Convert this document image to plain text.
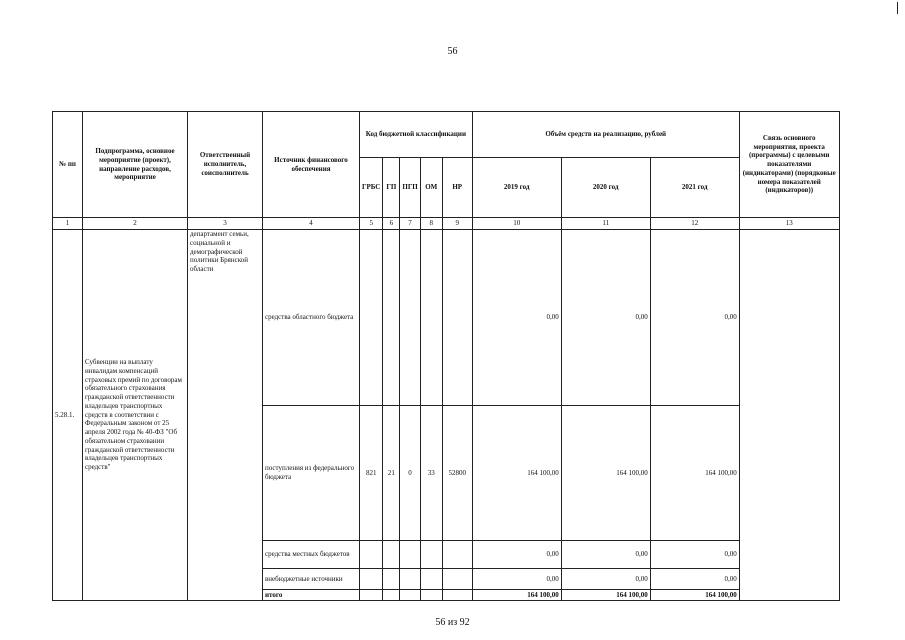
56
№ пп	Подпрограмма, основное мероприятие (проект), направление расходов, мероприятие	Ответственный исполнитель, соисполнитель	Источник финансового обеспечения	Код бюджетной классификации					Объём средств на реализацию, рублей			Связь основного мероприятия, проекта (программы) с целевыми показателями (индикаторами) (порядковые номера показателей (индикаторов))
				ГРБС	ГП	ПГП	ОМ	НР	2019 год	2020 год	2021 год	
1	2	3	4	5	6	7	8	9	10	11	12	13
5.28.1.	Субвенции на выплату инвалидам компенсаций страховых премий по договорам обязательного страхования гражданской ответственности владельцев транспортных средств в соответствии с Федеральным законом от 25 апреля 2002 года № 40-ФЗ "Об обязательном страховании гражданской ответственности владельцев транспортных средств"	департамент семьи, социальной и демографической политики Брянской области	средства областного бюджета						0,00	0,00	0,00	
			поступления из федерального бюджета	821	21	0	33	52800	164 100,00	164 100,00	164 100,00	
			средства местных бюджетов						0,00	0,00	0,00	
			внебюджетные источники						0,00	0,00	0,00	
			итого						164 100,00	164 100,00	164 100,00	
56 из 92
